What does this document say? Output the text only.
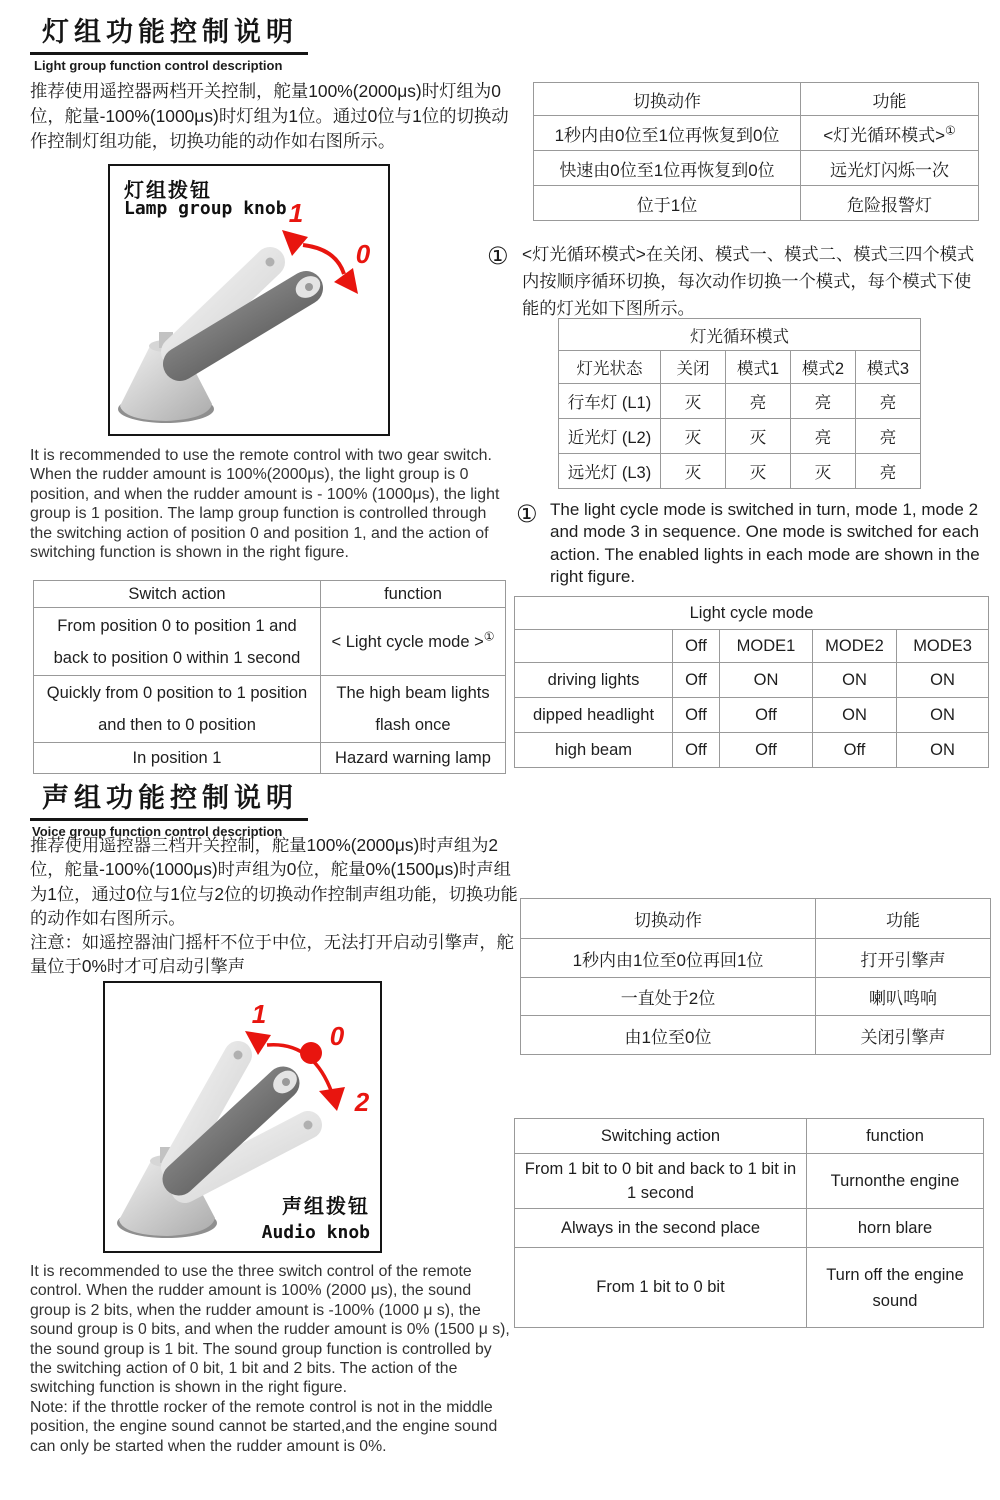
灯组功能控制说明
Light group function control description
推荐使用遥控器两档开关控制，舵量100%(2000μs)时灯组为0位，舵量-100%(1000μs)时灯组为1位。通过0位与1位的切换动作控制灯组功能，切换功能的动作如右图所示。
灯组拨钮
Lamp group knob 1
0
It is recommended to use the remote control with two gear switch. When the rudder amount is 100%(2000μs), the light group is 0 position, and when the rudder amount is - 100% (1000μs), the light group is 1 position. The lamp group function is controlled through the switching action of position 0 and position 1, and the action of switching function is shown in the right figure.
Switch action	function
From position 0 to position 1 and back to position 0 within 1 second	< Light cycle mode >①
Quickly from 0 position to 1 position and then to 0 position	The high beam lights flash once
In position 1	Hazard warning lamp
切换动作	功能
1秒内由0位至1位再恢复到0位	<灯光循环模式>①
快速由0位至1位再恢复到0位	远光灯闪烁一次
位于1位	危险报警灯
① <灯光循环模式>在关闭、模式一、模式二、模式三四个模式内按顺序循环切换，每次动作切换一个模式，每个模式下使能的灯光如下图所示。
灯光循环模式				
灯光状态	关闭	模式1	模式2	模式3
行车灯 (L1)	灭	亮	亮	亮
近光灯 (L2)	灭	灭	亮	亮
远光灯 (L3)	灭	灭	灭	亮
① The light cycle mode is switched in turn, mode 1, mode 2 and mode 3 in sequence. One mode is switched for each action. The enabled lights in each mode are shown in the right figure.
Light cycle mode				
	Off	MODE1	MODE2	MODE3
driving lights	Off	ON	ON	ON
dipped headlight	Off	Off	ON	ON
high beam	Off	Off	Off	ON
声组功能控制说明
Voice group function control description
推荐使用遥控器三档开关控制，舵量100%(2000μs)时声组为2位，舵量-100%(1000μs)时声组为0位，舵量0%(1500μs)时声组为1位，通过0位与1位与2位的切换动作控制声组功能，切换功能的动作如右图所示。
注意：如遥控器油门摇杆不位于中位，无法打开启动引擎声，舵量位于0%时才可启动引擎声
1
0
2
声组拨钮
Audio knob
It is recommended to use the three switch control of the remote control. When the rudder amount is 100% (2000 μs), the sound group is 2 bits, when the rudder amount is -100% (1000 μ s), the sound group is 0 bits, and when the rudder amount is 0% (1500 μ s), the sound group is 1 bit. The sound group function is controlled by the switching action of 0 bit, 1 bit and 2 bits. The action of the switching function is shown in the right figure.
Note: if the throttle rocker of the remote control is not in the middle position, the engine sound cannot be started,and the engine sound can only be started when the rudder amount is 0%.
切换动作	功能
1秒内由1位至0位再回1位	打开引擎声
一直处于2位	喇叭鸣响
由1位至0位	关闭引擎声
Switching action	function
From 1 bit to 0 bit and back to 1 bit in 1 second	Turnonthe engine
Always in the second place	horn blare
From 1 bit to 0 bit	Turn off the engine sound
